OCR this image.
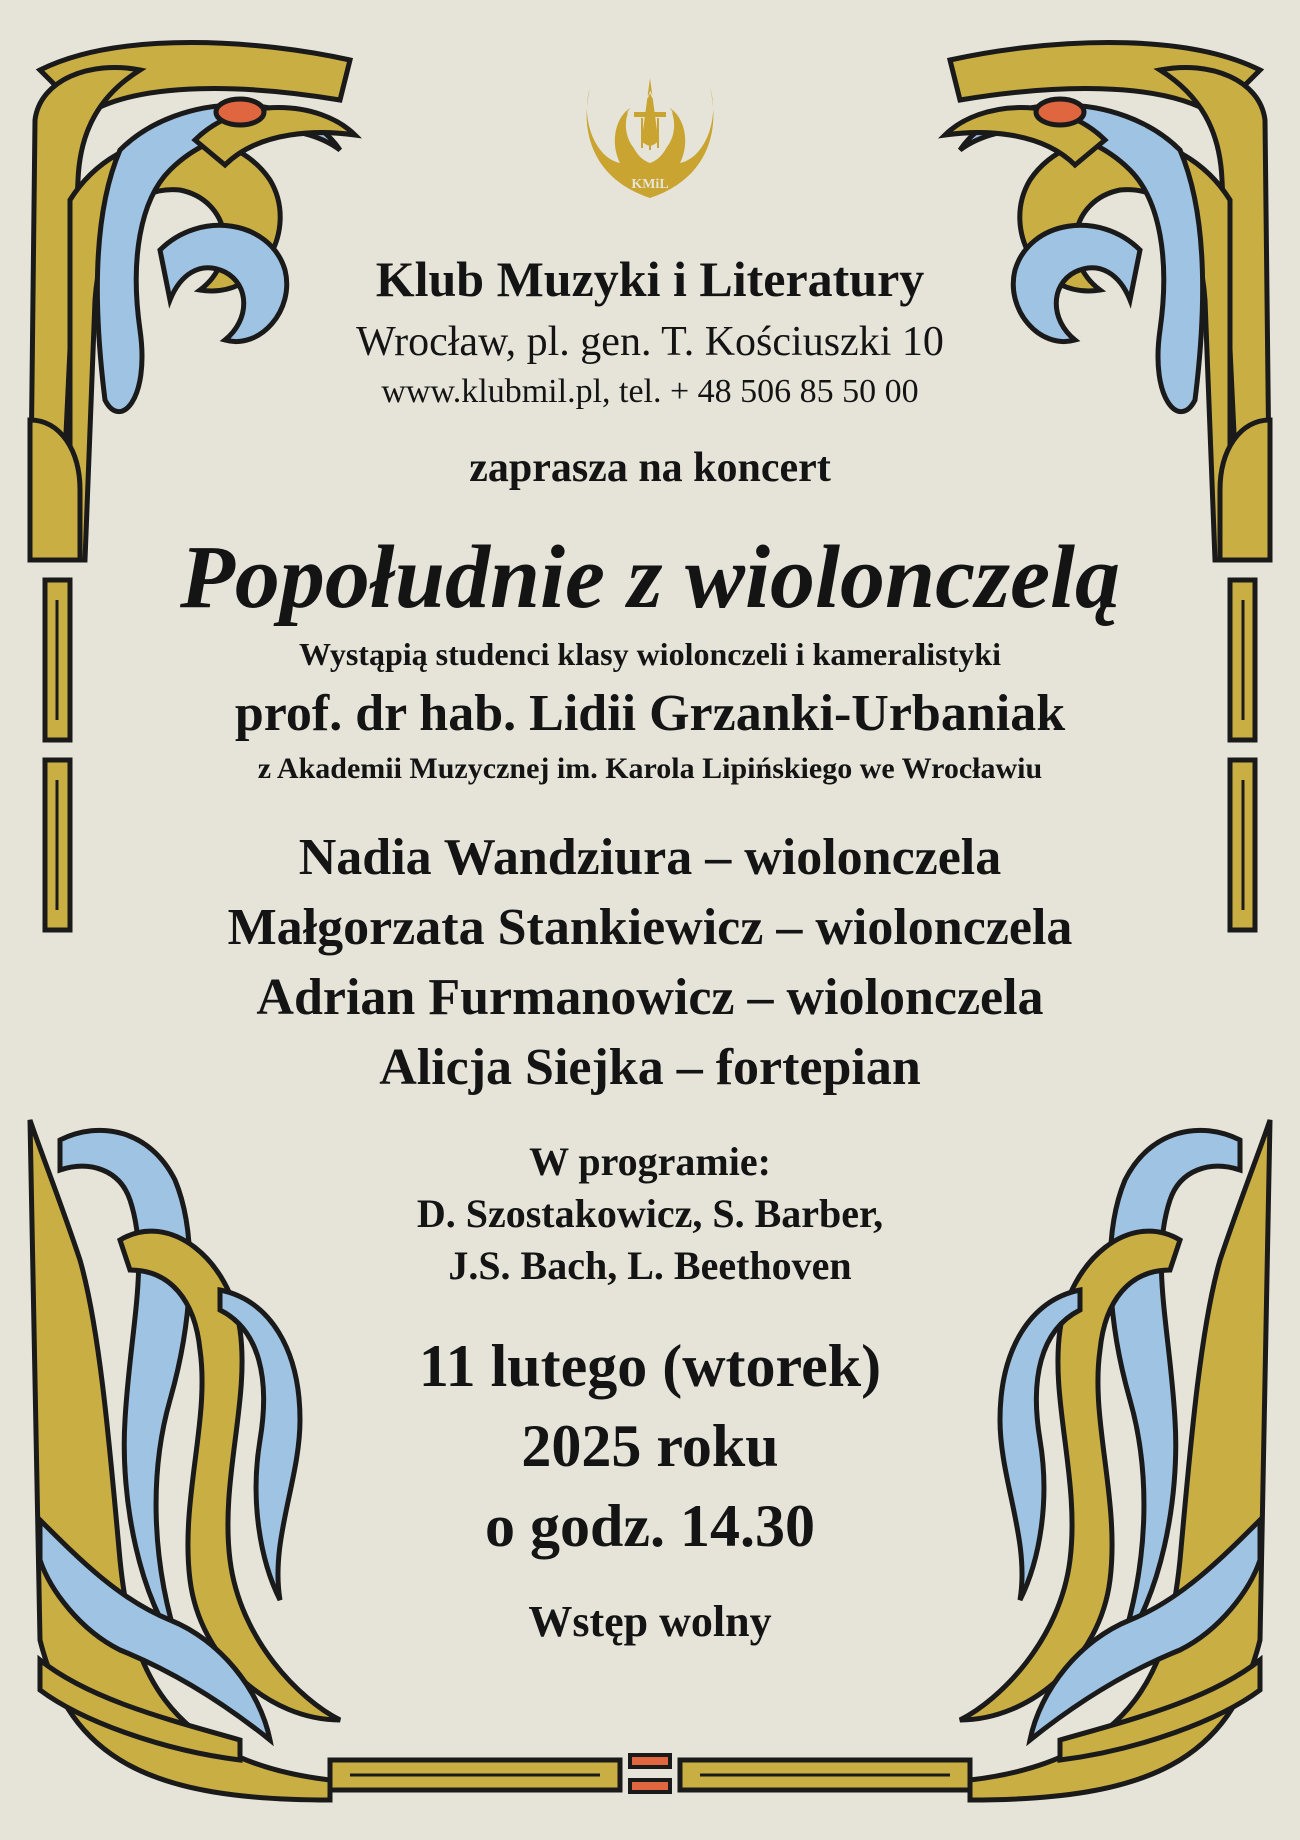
W
KMiL
Klub Muzyki i Literatury
Wrocław, pl. gen. T. Kościuszki 10
www.klubmil.pl, tel. + 48 506 85 50 00
zaprasza na koncert
Popołudnie z wiolonczelą
Wystąpią studenci klasy wiolonczeli i kameralistyki
prof. dr hab. Lidii Grzanki-Urbaniak
z Akademii Muzycznej im. Karola Lipińskiego we Wrocławiu
Nadia Wandziura – wiolonczela
Małgorzata Stankiewicz – wiolonczela
Adrian Furmanowicz – wiolonczela
Alicja Siejka – fortepian
W programie:
D. Szostakowicz, S. Barber,
J.S. Bach, L. Beethoven
11 lutego (wtorek)
2025 roku
o godz. 14.30
Wstęp wolny
